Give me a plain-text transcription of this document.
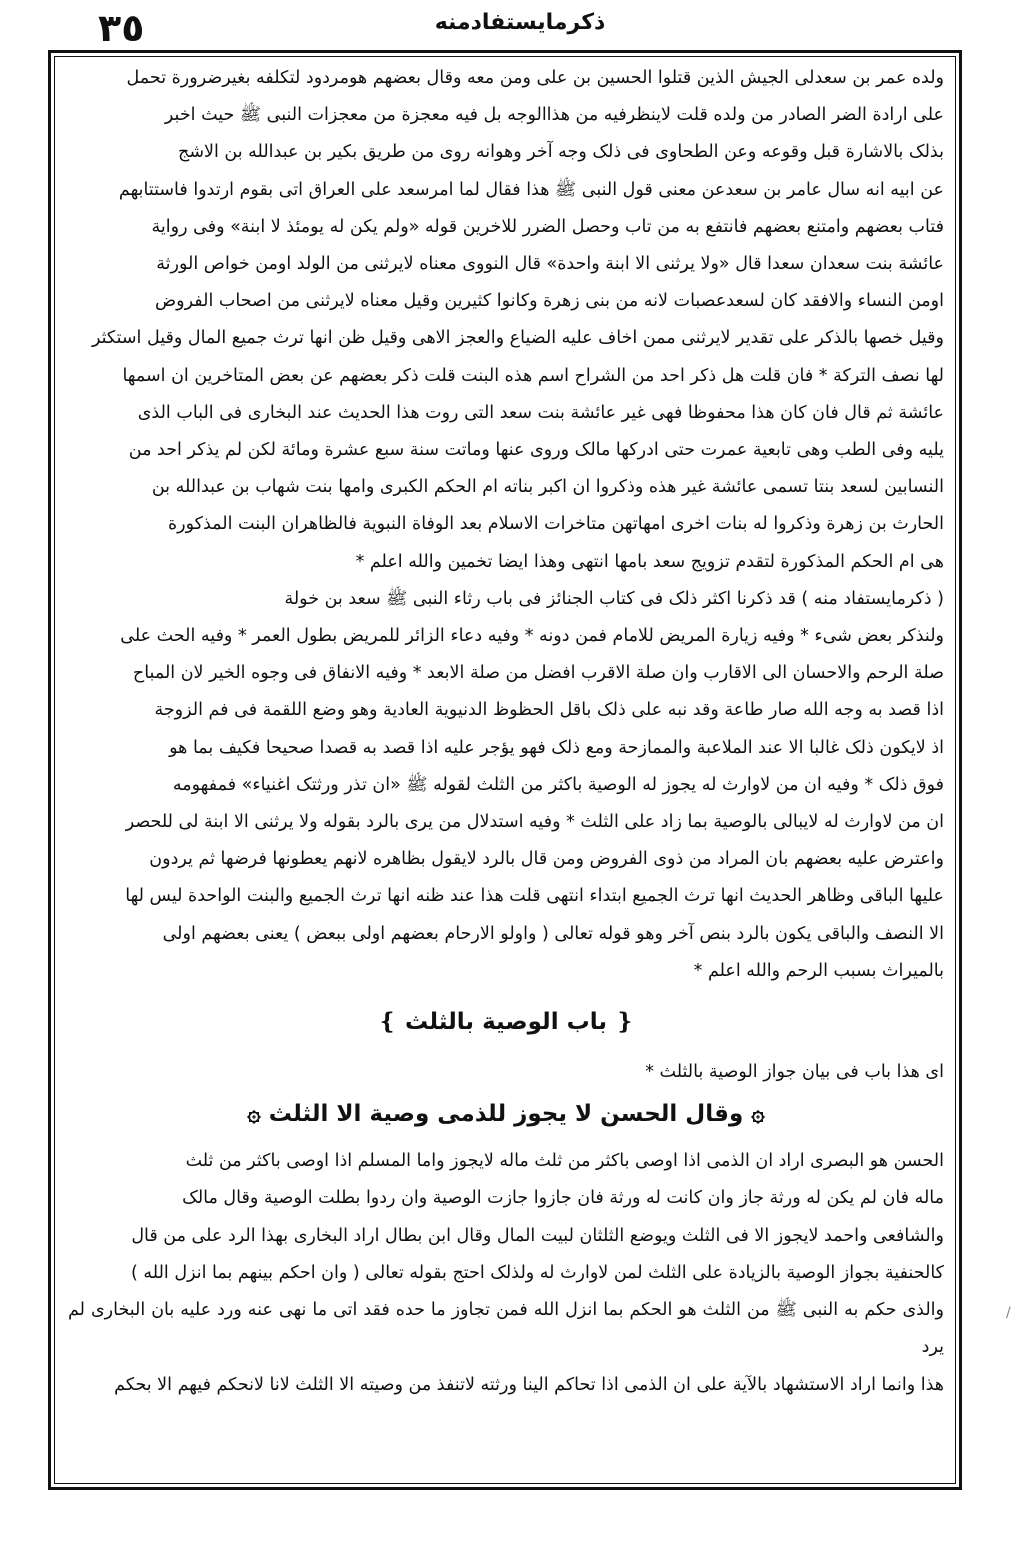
٣٥	ذکرمایستفادمنه
/

ولده عمر بن سعدلی الجیش الذین قتلوا الحسین بن علی ومن معه وقال بعضهم هومردود لتکلفه بغیرضرورة تحمل

علی ارادة الضر الصادر من ولده قلت لاینظرفیه من هذاالوجه بل فیه معجزة من معجزات النبی ﷺ حیث اخبر

بذلک بالاشارة قبل وقوعه وعن الطحاوی فی ذلک وجه آخر وهوانه روی من طریق بکیر بن عبدالله بن الاشج

عن ابیه انه سال عامر بن سعدعن معنی قول النبی ﷺ هذا فقال لما امرسعد علی العراق اتی بقوم ارتدوا فاستتابهم

فتاب بعضهم وامتنع بعضهم فانتفع به من تاب وحصل الضرر للاخرین قوله «ولم یکن له یومئذ لا ابنة» وفی روایة

عائشة بنت سعدان سعدا قال «ولا یرثنی الا ابنة واحدة» قال النووی معناه لایرثنی من الولد اومن خواص الورثة

اومن النساء والافقد کان لسعدعصبات لانه من بنی زهرة وکانوا کثیرین وقیل معناه لایرثنی من اصحاب الفروض

وقیل خصها بالذکر علی تقدیر لایرثنی ممن اخاف علیه الضیاع والعجز الاهی وقیل ظن انها ترث جمیع المال وقیل استکثر

لها نصف الترکة * فان قلت هل ذکر احد من الشراح اسم هذه البنت قلت ذکر بعضهم عن بعض المتاخرین ان اسمها

عائشة ثم قال فان کان هذا محفوظا فهی غیر عائشة بنت سعد التی روت هذا الحدیث عند البخاری فی الباب الذی

یلیه وفی الطب وهی تابعیة عمرت حتی ادرکها مالک وروی عنها وماتت سنة سبع عشرة ومائة لکن لم یذکر احد من

النسابین لسعد بنتا تسمی عائشة غیر هذه وذکروا ان اکبر بناته ام الحکم الکبری وامها بنت شهاب بن عبدالله بن

الحارث بن زهرة وذکروا له بنات اخری امهاتهن متاخرات الاسلام بعد الوفاة النبویة فالظاهران البنت المذکورة

هی ام الحکم المذکورة لتقدم تزویج سعد بامها انتهی وهذا ایضا تخمین والله اعلم *

( ذکرمایستفاد منه ) قد ذکرنا اکثر ذلک فی کتاب الجنائز فی باب رثاء النبی ﷺ سعد بن خولة

ولنذکر بعض شیء * وفیه زیارة المریض للامام فمن دونه * وفیه دعاء الزائر للمریض بطول العمر * وفیه الحث علی

صلة الرحم والاحسان الی الاقارب وان صلة الاقرب افضل من صلة الابعد * وفیه الانفاق فی وجوه الخیر لان المباح

اذا قصد به وجه الله صار طاعة وقد نبه علی ذلک باقل الحظوظ الدنیویة العادیة وهو وضع اللقمة فی فم الزوجة

اذ لایکون ذلک غالبا الا عند الملاعبة والممازحة ومع ذلک فهو یؤجر علیه اذا قصد به قصدا صحیحا فکیف بما هو

فوق ذلک * وفیه ان من لاوارث له یجوز له الوصیة باکثر من الثلث لقوله ﷺ «ان تذر ورثتک اغنیاء» فمفهومه

ان من لاوارث له لایبالی بالوصیة بما زاد علی الثلث * وفیه استدلال من یری بالرد بقوله ولا یرثنی الا ابنة لی للحصر

واعترض علیه بعضهم بان المراد من ذوی الفروض ومن قال بالرد لایقول بظاهره لانهم یعطونها فرضها ثم یردون

علیها الباقی وظاهر الحدیث انها ترث الجمیع ابتداء انتهی قلت هذا عند ظنه انها ترث الجمیع والبنت الواحدة لیس لها

الا النصف والباقی یکون بالرد بنص آخر وهو قوله تعالی ( واولو الارحام بعضهم اولی ببعض ) یعنی بعضهم اولی

بالمیراث بسبب الرحم والله اعلم *

❴ باب الوصیة بالثلث ❵

ای هذا باب فی بیان جواز الوصیة بالثلث *

۞ وقال الحسن لا یجوز للذمی وصیة الا الثلث ۞

الحسن هو البصری اراد ان الذمی اذا اوصی باکثر من ثلث ماله لایجوز واما المسلم اذا اوصی باکثر من ثلث

ماله فان لم یکن له ورثة جاز وان کانت له ورثة فان جازوا جازت الوصیة وان ردوا بطلت الوصیة وقال مالک

والشافعی واحمد لایجوز الا فی الثلث ویوضع الثلثان لبیت المال وقال ابن بطال اراد البخاری بهذا الرد علی من قال

کالحنفیة بجواز الوصیة بالزیادة علی الثلث لمن لاوارث له ولذلک احتج بقوله تعالی ( وان احکم بینهم بما انزل الله )

والذی حکم به النبی ﷺ من الثلث هو الحکم بما انزل الله فمن تجاوز ما حده فقد اتی ما نهی عنه ورد علیه بان البخاری لم یرد

هذا وانما اراد الاستشهاد بالآیة علی ان الذمی اذا تحاکم الینا ورثته لاتنفذ من وصیته الا الثلث لانا لانحکم فیهم الا بحکم
